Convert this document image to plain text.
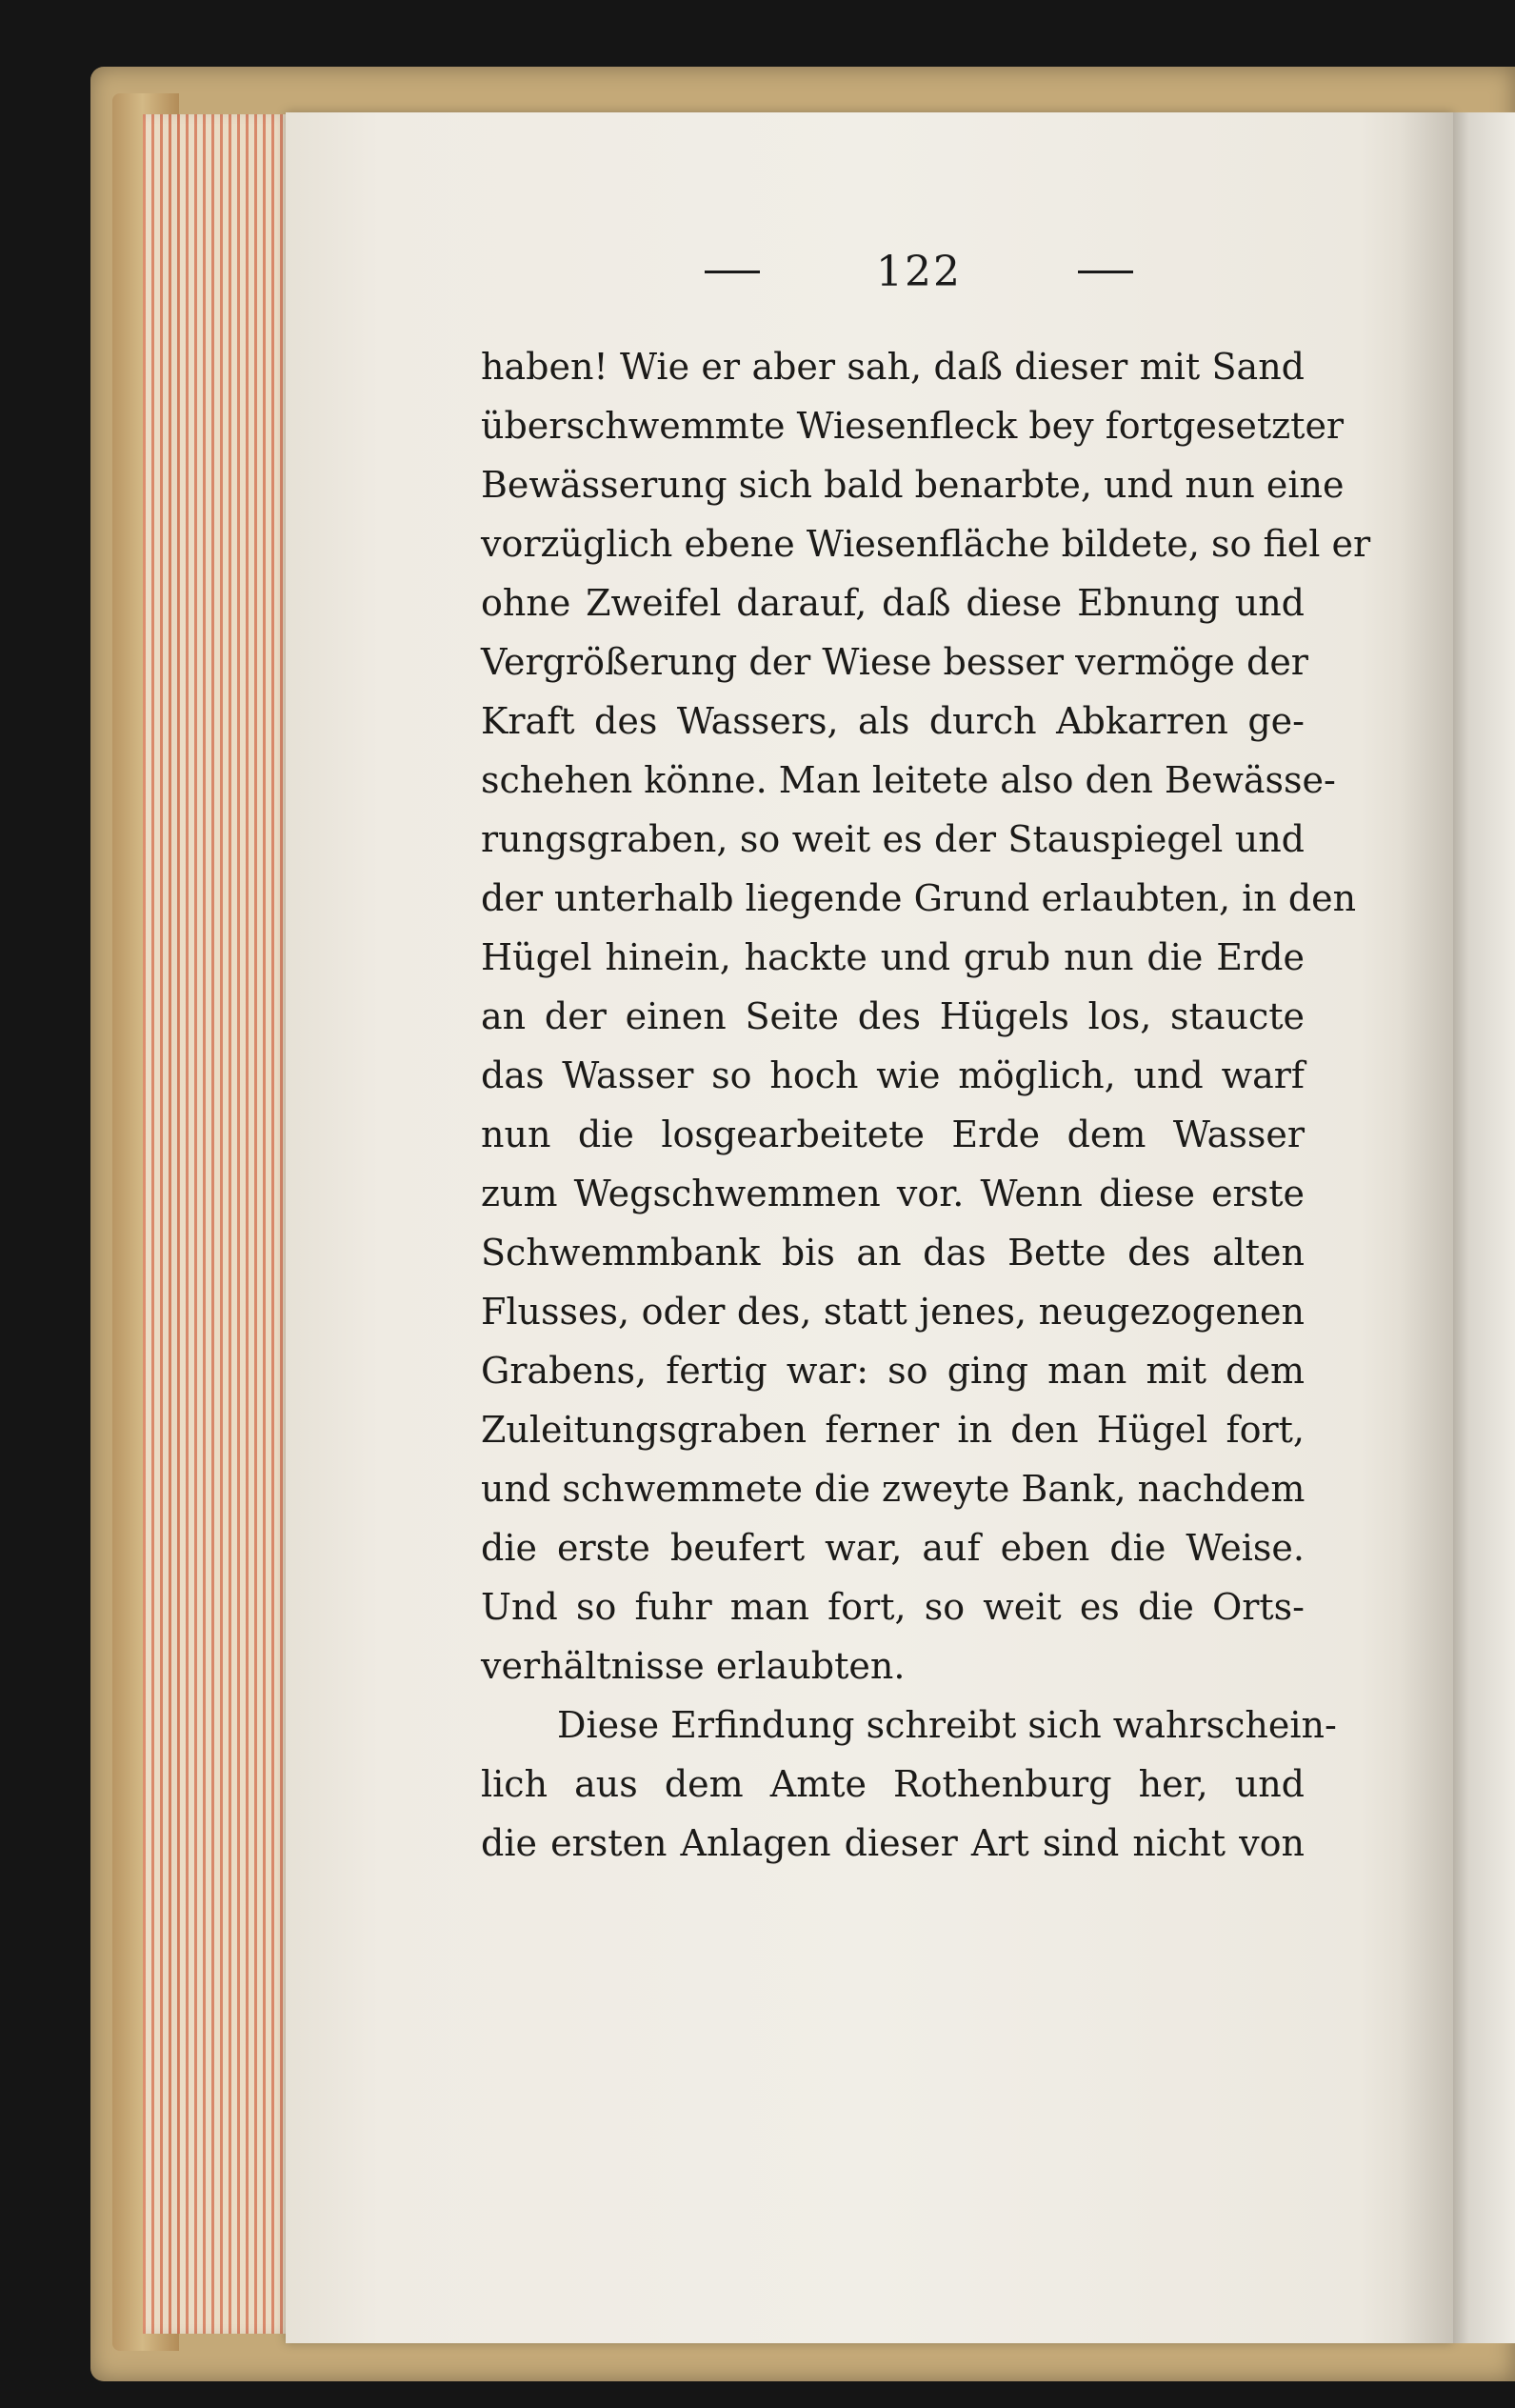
122
haben! Wie er aber sah, daß dieser mit Sand
überschwemmte Wiesenfleck bey fortgesetzter
Bewässerung sich bald benarbte, und nun eine
vorzüglich ebene Wiesenfläche bildete, so fiel er
ohne Zweifel darauf, daß diese Ebnung und
Vergrößerung der Wiese besser vermöge der
Kraft des Wassers, als durch Abkarren ge-
schehen könne. Man leitete also den Bewässe-
rungsgraben, so weit es der Stauspiegel und
der unterhalb liegende Grund erlaubten, in den
Hügel hinein, hackte und grub nun die Erde
an der einen Seite des Hügels los, staucte
das Wasser so hoch wie möglich, und warf
nun die losgearbeitete Erde dem Wasser
zum Wegschwemmen vor. Wenn diese erste
Schwemmbank bis an das Bette des alten
Flusses, oder des, statt jenes, neugezogenen
Grabens, fertig war: so ging man mit dem
Zuleitungsgraben ferner in den Hügel fort,
und schwemmete die zweyte Bank, nachdem
die erste beufert war, auf eben die Weise.
Und so fuhr man fort, so weit es die Orts-
verhältnisse erlaubten.
Diese Erfindung schreibt sich wahrschein-
lich aus dem Amte Rothenburg her, und
die ersten Anlagen dieser Art sind nicht von
